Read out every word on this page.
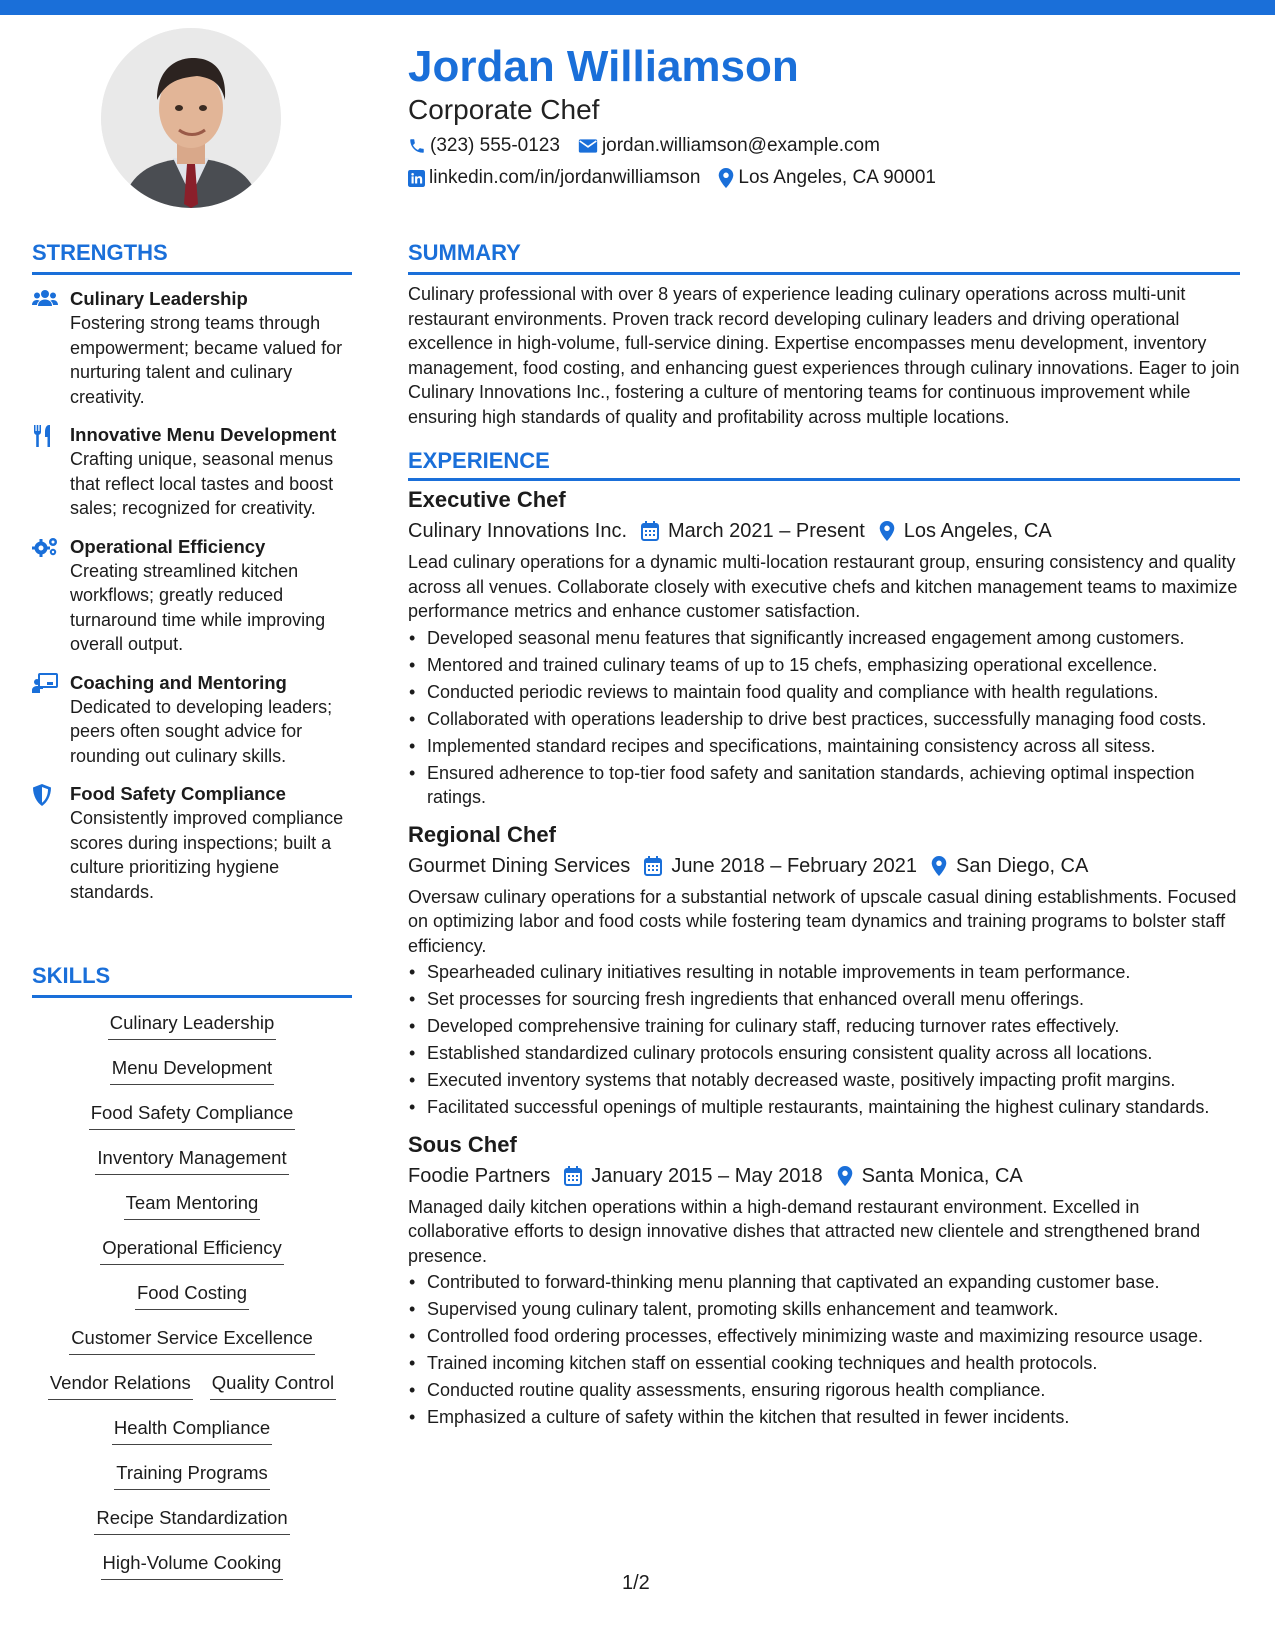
Jordan Williamson
Corporate Chef
(323) 555-0123 jordan.williamson@example.com
linkedin.com/in/jordanwilliamson Los Angeles, CA 90001
STRENGTHS
Culinary Leadership
Fostering strong teams through empowerment; became valued for nurturing talent and culinary creativity.
Innovative Menu Development
Crafting unique, seasonal menus that reflect local tastes and boost sales; recognized for creativity.
Operational Efficiency
Creating streamlined kitchen workflows; greatly reduced turnaround time while improving overall output.
Coaching and Mentoring
Dedicated to developing leaders; peers often sought advice for rounding out culinary skills.
Food Safety Compliance
Consistently improved compliance scores during inspections; built a culture prioritizing hygiene standards.
SKILLS
Culinary Leadership
Menu Development
Food Safety Compliance
Inventory Management
Team Mentoring
Operational Efficiency
Food Costing
Customer Service Excellence
Vendor Relations Quality Control
Health Compliance
Training Programs
Recipe Standardization
High-Volume Cooking
SUMMARY
Culinary professional with over 8 years of experience leading culinary operations across multi-unit restaurant environments. Proven track record developing culinary leaders and driving operational excellence in high-volume, full-service dining. Expertise encompasses menu development, inventory management, food costing, and enhancing guest experiences through culinary innovations. Eager to join Culinary Innovations Inc., fostering a culture of mentoring teams for continuous improvement while ensuring high standards of quality and profitability across multiple locations.
EXPERIENCE
Executive Chef
Culinary Innovations Inc. March 2021 – Present Los Angeles, CA
Lead culinary operations for a dynamic multi-location restaurant group, ensuring consistency and quality across all venues. Collaborate closely with executive chefs and kitchen management teams to maximize performance metrics and enhance customer satisfaction.
• Developed seasonal menu features that significantly increased engagement among customers.
• Mentored and trained culinary teams of up to 15 chefs, emphasizing operational excellence.
• Conducted periodic reviews to maintain food quality and compliance with health regulations.
• Collaborated with operations leadership to drive best practices, successfully managing food costs.
• Implemented standard recipes and specifications, maintaining consistency across all sitess.
• Ensured adherence to top-tier food safety and sanitation standards, achieving optimal inspection ratings.
Regional Chef
Gourmet Dining Services June 2018 – February 2021 San Diego, CA
Oversaw culinary operations for a substantial network of upscale casual dining establishments. Focused on optimizing labor and food costs while fostering team dynamics and training programs to bolster staff efficiency.
• Spearheaded culinary initiatives resulting in notable improvements in team performance.
• Set processes for sourcing fresh ingredients that enhanced overall menu offerings.
• Developed comprehensive training for culinary staff, reducing turnover rates effectively.
• Established standardized culinary protocols ensuring consistent quality across all locations.
• Executed inventory systems that notably decreased waste, positively impacting profit margins.
• Facilitated successful openings of multiple restaurants, maintaining the highest culinary standards.
Sous Chef
Foodie Partners January 2015 – May 2018 Santa Monica, CA
Managed daily kitchen operations within a high-demand restaurant environment. Excelled in collaborative efforts to design innovative dishes that attracted new clientele and strengthened brand presence.
• Contributed to forward-thinking menu planning that captivated an expanding customer base.
• Supervised young culinary talent, promoting skills enhancement and teamwork.
• Controlled food ordering processes, effectively minimizing waste and maximizing resource usage.
• Trained incoming kitchen staff on essential cooking techniques and health protocols.
• Conducted routine quality assessments, ensuring rigorous health compliance.
• Emphasized a culture of safety within the kitchen that resulted in fewer incidents.
1/2
